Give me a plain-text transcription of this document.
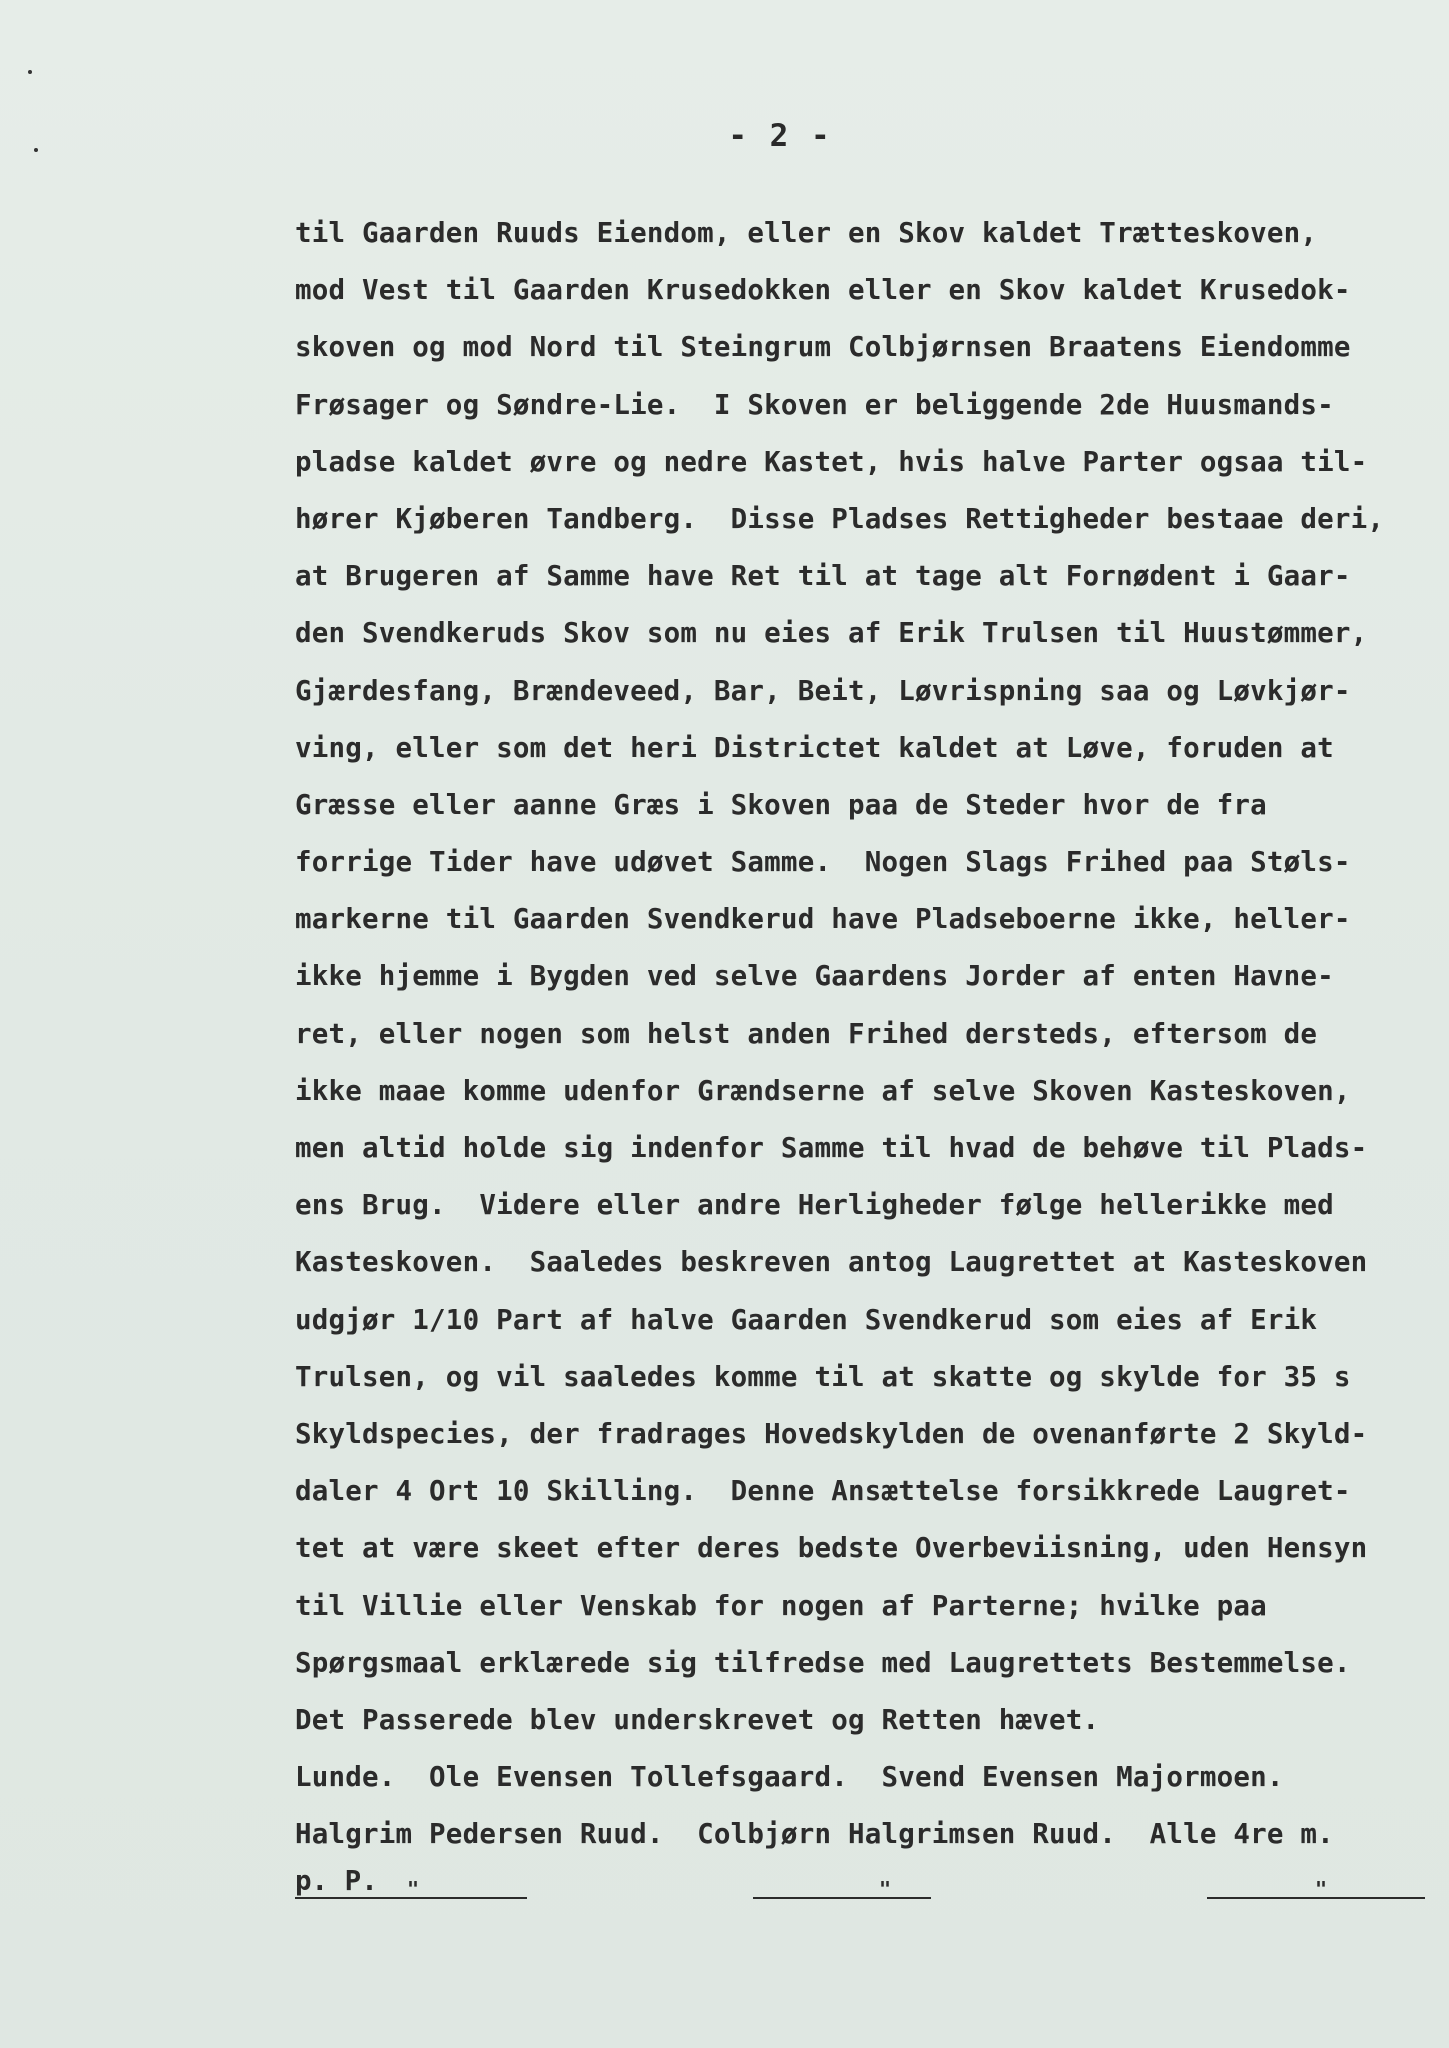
- 2 -
til Gaarden Ruuds Eiendom, eller en Skov kaldet Trætteskoven,
mod Vest til Gaarden Krusedokken eller en Skov kaldet Krusedok-
skoven og mod Nord til Steingrum Colbjørnsen Braatens Eiendomme
Frøsager og Søndre-Lie.  I Skoven er beliggende 2de Huusmands-
pladse kaldet øvre og nedre Kastet, hvis halve Parter ogsaa til-
hører Kjøberen Tandberg.  Disse Pladses Rettigheder bestaae deri,
at Brugeren af Samme have Ret til at tage alt Fornødent i Gaar-
den Svendkeruds Skov som nu eies af Erik Trulsen til Huustømmer,
Gjærdesfang, Brændeveed, Bar, Beit, Løvrispning saa og Løvkjør-
ving, eller som det heri Districtet kaldet at Løve, foruden at
Græsse eller aanne Græs i Skoven paa de Steder hvor de fra
forrige Tider have udøvet Samme.  Nogen Slags Frihed paa Støls-
markerne til Gaarden Svendkerud have Pladseboerne ikke, heller-
ikke hjemme i Bygden ved selve Gaardens Jorder af enten Havne-
ret, eller nogen som helst anden Frihed dersteds, eftersom de
ikke maae komme udenfor Grændserne af selve Skoven Kasteskoven,
men altid holde sig indenfor Samme til hvad de behøve til Plads-
ens Brug.  Videre eller andre Herligheder følge hellerikke med
Kasteskoven.  Saaledes beskreven antog Laugrettet at Kasteskoven
udgjør 1/10 Part af halve Gaarden Svendkerud som eies af Erik
Trulsen, og vil saaledes komme til at skatte og skylde for 35 s
Skyldspecies, der fradrages Hovedskylden de ovenanførte 2 Skyld-
daler 4 Ort 10 Skilling.  Denne Ansættelse forsikkrede Laugret-
tet at være skeet efter deres bedste Overbeviisning, uden Hensyn
til Villie eller Venskab for nogen af Parterne; hvilke paa
Spørgsmaal erklærede sig tilfredse med Laugrettets Bestemmelse.
Det Passerede blev underskrevet og Retten hævet.
Lunde.  Ole Evensen Tollefsgaard.  Svend Evensen Majormoen.
Halgrim Pedersen Ruud.  Colbjørn Halgrimsen Ruud.  Alle 4re m.
p. P. "	"	"
